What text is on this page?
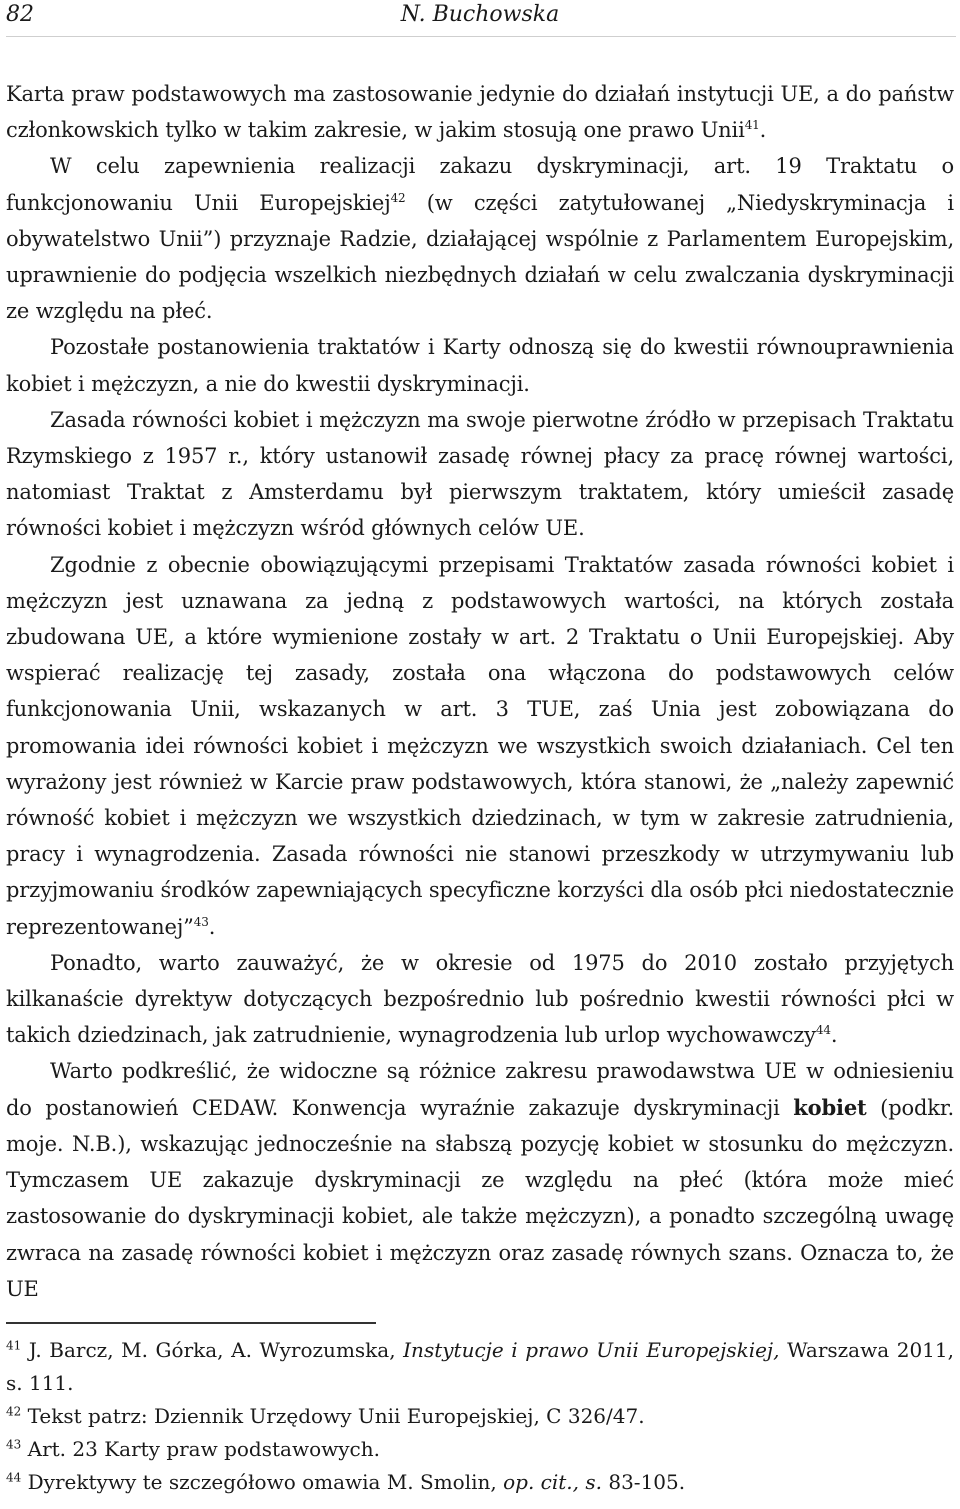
82	N. Buchowska

Karta praw podstawowych ma zastosowanie jedynie do działań instytucji UE, a do państw członkowskich tylko w takim zakresie, w jakim stosują one prawo Unii$^{41}$.

W celu zapewnienia realizacji zakazu dyskryminacji, art. 19 Traktatu o funkcjonowaniu Unii Europejskiej$^{42}$ (w części zatytułowanej „Niedyskryminacja i obywatelstwo Unii”) przyznaje Radzie, działającej wspólnie z Parlamentem Europejskim, uprawnienie do podjęcia wszelkich niezbędnych działań w celu zwalczania dyskryminacji ze względu na płeć.

Pozostałe postanowienia traktatów i Karty odnoszą się do kwestii równouprawnienia kobiet i mężczyzn, a nie do kwestii dyskryminacji.

Zasada równości kobiet i mężczyzn ma swoje pierwotne źródło w przepisach Traktatu Rzymskiego z 1957 r., który ustanowił zasadę równej płacy za pracę równej wartości, natomiast Traktat z Amsterdamu był pierwszym traktatem, który umieścił zasadę równości kobiet i mężczyzn wśród głównych celów UE.

Zgodnie z obecnie obowiązującymi przepisami Traktatów zasada równości kobiet i mężczyzn jest uznawana za jedną z podstawowych wartości, na których została zbudowana UE, a które wymienione zostały w art. 2 Traktatu o Unii Europejskiej. Aby wspierać realizację tej zasady, została ona włączona do podstawowych celów funkcjonowania Unii, wskazanych w art. 3 TUE, zaś Unia jest zobowiązana do promowania idei równości kobiet i mężczyzn we wszystkich swoich działaniach. Cel ten wyrażony jest również w Karcie praw podstawowych, która stanowi, że „należy zapewnić równość kobiet i mężczyzn we wszystkich dziedzinach, w tym w zakresie zatrudnienia, pracy i wynagrodzenia. Zasada równości nie stanowi przeszkody w utrzymywaniu lub przyjmowaniu środków zapewniających specyficzne korzyści dla osób płci niedostatecznie reprezentowanej”$^{43}$.

Ponadto, warto zauważyć, że w okresie od 1975 do 2010 zostało przyjętych kilkanaście dyrektyw dotyczących bezpośrednio lub pośrednio kwestii równości płci w takich dziedzinach, jak zatrudnienie, wynagrodzenia lub urlop wychowawczy$^{44}$.

Warto podkreślić, że widoczne są różnice zakresu prawodawstwa UE w odniesieniu do postanowień CEDAW. Konwencja wyraźnie zakazuje dyskryminacji kobiet (podkr. moje. N.B.), wskazując jednocześnie na słabszą pozycję kobiet w stosunku do mężczyzn. Tymczasem UE zakazuje dyskryminacji ze względu na płeć (która może mieć zastosowanie do dyskryminacji kobiet, ale także mężczyzn), a ponadto szczególną uwagę zwraca na zasadę równości kobiet i mężczyzn oraz zasadę równych szans. Oznacza to, że UE

$^{41}$ J. Barcz, M. Górka, A. Wyrozumska, Instytucje i prawo Unii Europejskiej, Warszawa 2011, s. 111.

$^{42}$ Tekst patrz: Dziennik Urzędowy Unii Europejskiej, C 326/47.

$^{43}$ Art. 23 Karty praw podstawowych.

$^{44}$ Dyrektywy te szczegółowo omawia M. Smolin, op. cit., s. 83-105.
